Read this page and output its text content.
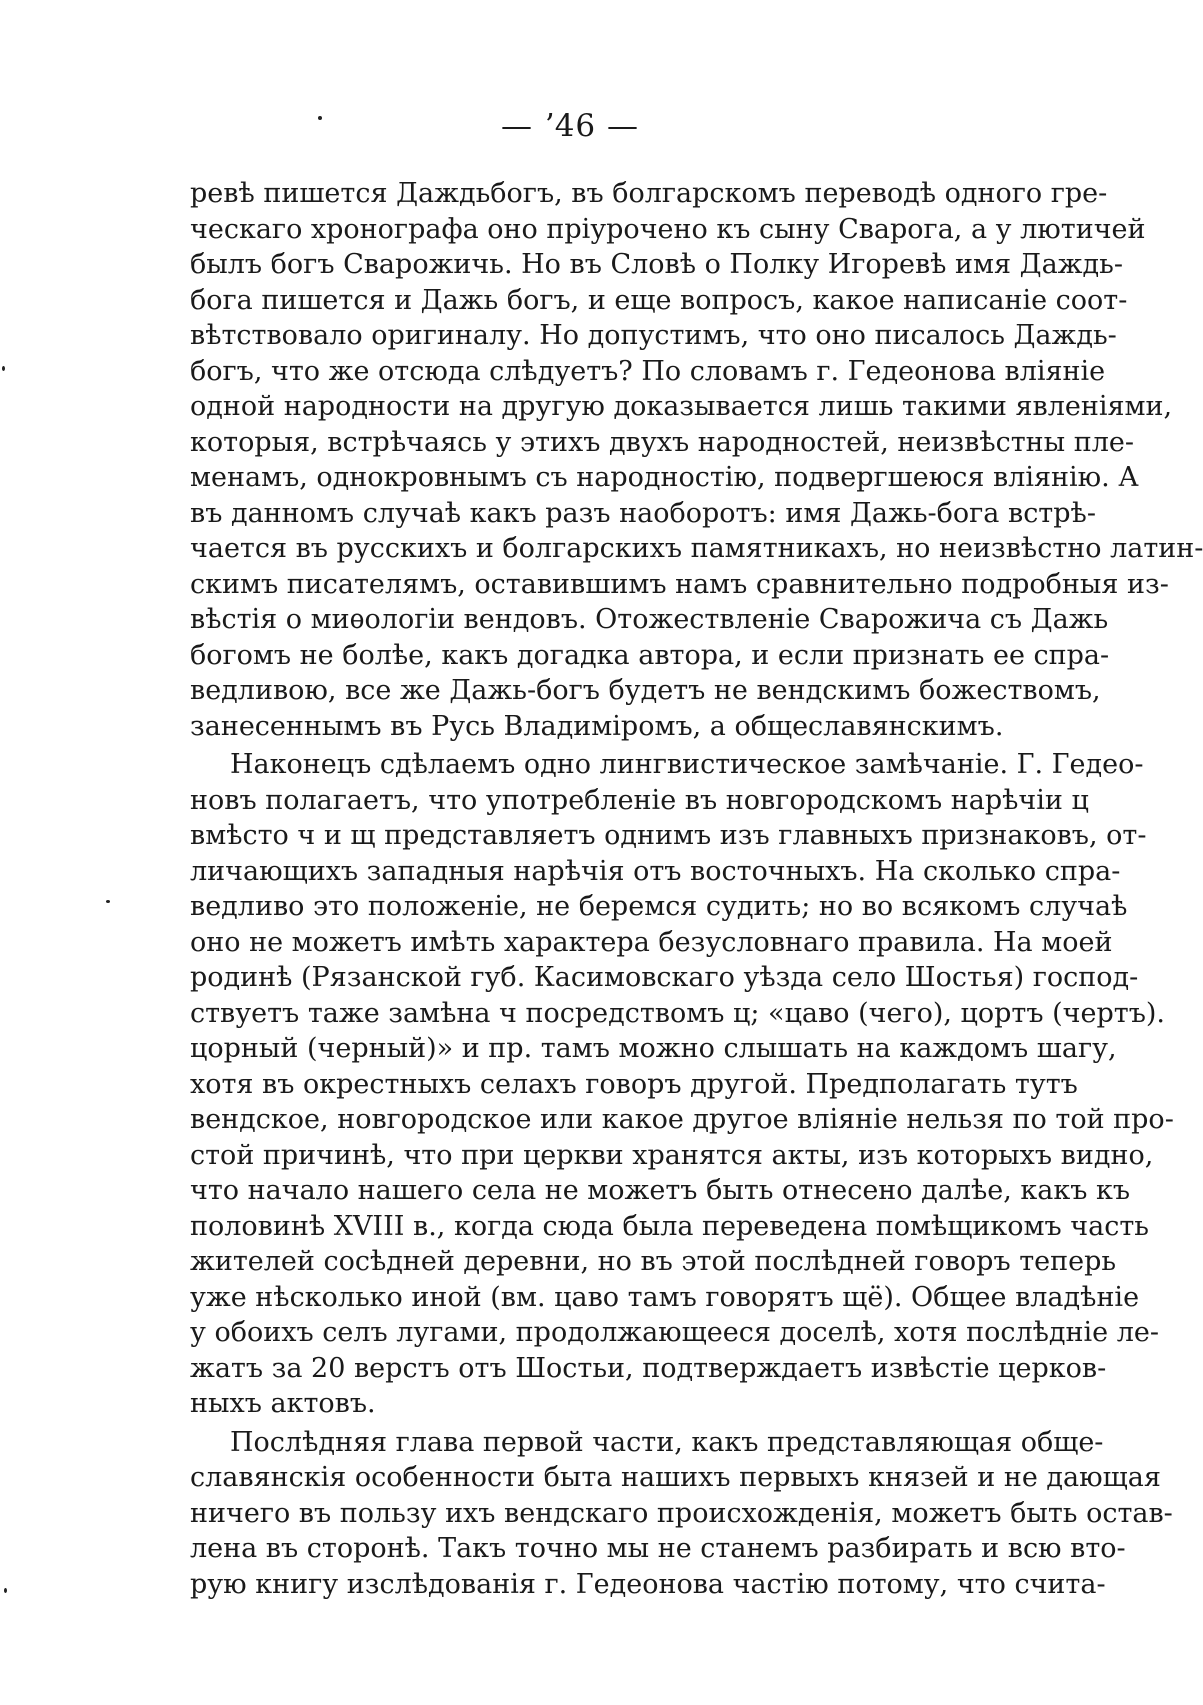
— ʼ46 —
ревѣ пишется Даждьбогъ, въ болгарскомъ переводѣ одного гре-
ческаго хронографа оно пріурочено къ сыну Сварога, а у лютичей
былъ богъ Сварожичь. Но въ Словѣ о Полку Игоревѣ имя Даждь-
бога пишется и Дажь богъ, и еще вопросъ, какое написаніе соот-
вѣтствовало оригиналу. Но допустимъ, что оно писалось Даждь-
богъ, что же отсюда слѣдуетъ? По словамъ г. Гедеонова вліяніе
одной народности на другую доказывается лишь такими явленіями,
которыя, встрѣчаясь у этихъ двухъ народностей, неизвѣстны пле-
менамъ, однокровнымъ съ народностію, подвергшеюся вліянію. А
въ данномъ случаѣ какъ разъ наоборотъ: имя Дажь-бога встрѣ-
чается въ русскихъ и болгарскихъ памятникахъ, но неизвѣстно латин-
скимъ писателямъ, оставившимъ намъ сравнительно подробныя из-
вѣстія о миѳологіи вендовъ. Отожествленіе Сварожича съ Дажь
богомъ не болѣе, какъ догадка автора, и если признать ее спра-
ведливою, все же Дажь-богъ будетъ не вендскимъ божествомъ,
занесеннымъ въ Русь Владиміромъ, а общеславянскимъ.
Наконецъ сдѣлаемъ одно лингвистическое замѣчаніе. Г. Гедео-
новъ полагаетъ, что употребленіе въ новгородскомъ нарѣчіи ц
вмѣсто ч и щ представляетъ однимъ изъ главныхъ признаковъ, от-
личающихъ западныя нарѣчія отъ восточныхъ. На сколько спра-
ведливо это положеніе, не беремся судить; но во всякомъ случаѣ
оно не можетъ имѣть характера безусловнаго правила. На моей
родинѣ (Рязанской губ. Касимовскаго уѣзда село Шостья) господ-
ствуетъ таже замѣна ч посредствомъ ц; «цаво (чего), цортъ (чертъ).
цорный (черный)» и пр. тамъ можно слышать на каждомъ шагу,
хотя въ окрестныхъ селахъ говоръ другой. Предполагать тутъ
вендское, новгородское или какое другое вліяніе нельзя по той про-
стой причинѣ, что при церкви хранятся акты, изъ которыхъ видно,
что начало нашего села не можетъ быть отнесено далѣе, какъ къ
половинѣ XVIII в., когда сюда была переведена помѣщикомъ часть
жителей сосѣдней деревни, но въ этой послѣдней говоръ теперь
уже нѣсколько иной (вм. цаво тамъ говорятъ щё). Общее владѣніе
у обоихъ селъ лугами, продолжающееся доселѣ, хотя послѣдніе ле-
жатъ за 20 верстъ отъ Шостьи, подтверждаетъ извѣстіе церков-
ныхъ актовъ.
Послѣдняя глава первой части, какъ представляющая обще-
славянскія особенности быта нашихъ первыхъ князей и не дающая
ничего въ пользу ихъ вендскаго происхожденія, можетъ быть остав-
лена въ сторонѣ. Такъ точно мы не станемъ разбирать и всю вто-
рую книгу изслѣдованія г. Гедеонова частію потому, что счита-
